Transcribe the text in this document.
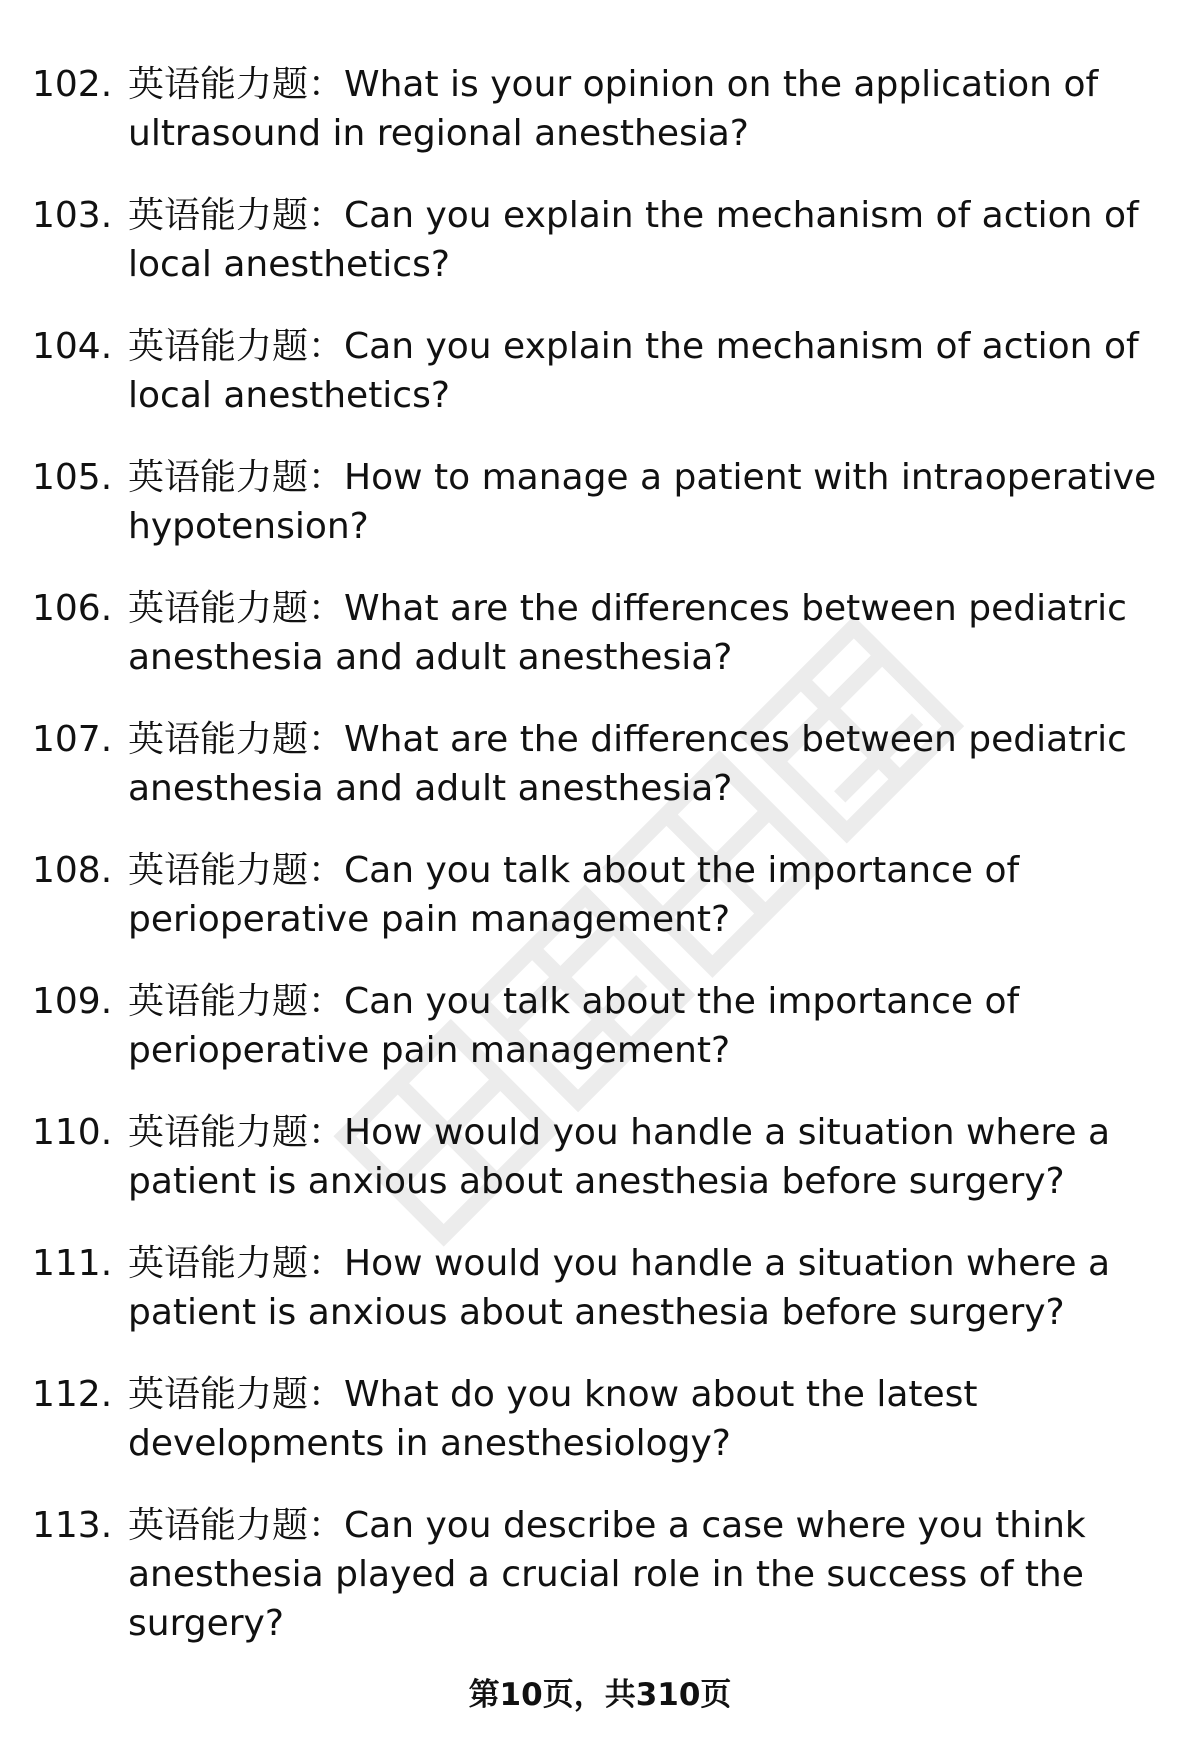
102. 英语能力题：What is your opinion on the application of ultrasound in regional anesthesia?
103. 英语能力题：Can you explain the mechanism of action of local anesthetics?
104. 英语能力题：Can you explain the mechanism of action of local anesthetics?
105. 英语能力题：How to manage a patient with intraoperative hypotension?
106. 英语能力题：What are the differences between pediatric anesthesia and adult anesthesia?
107. 英语能力题：What are the differences between pediatric anesthesia and adult anesthesia?
108. 英语能力题：Can you talk about the importance of perioperative pain management?
109. 英语能力题：Can you talk about the importance of perioperative pain management?
110. 英语能力题：How would you handle a situation where a patient is anxious about anesthesia before surgery?
111. 英语能力题：How would you handle a situation where a patient is anxious about anesthesia before surgery?
112. 英语能力题：What do you know about the latest developments in anesthesiology?
113. 英语能力题：Can you describe a case where you think anesthesia played a crucial role in the success of the surgery?
第10页，共310页
